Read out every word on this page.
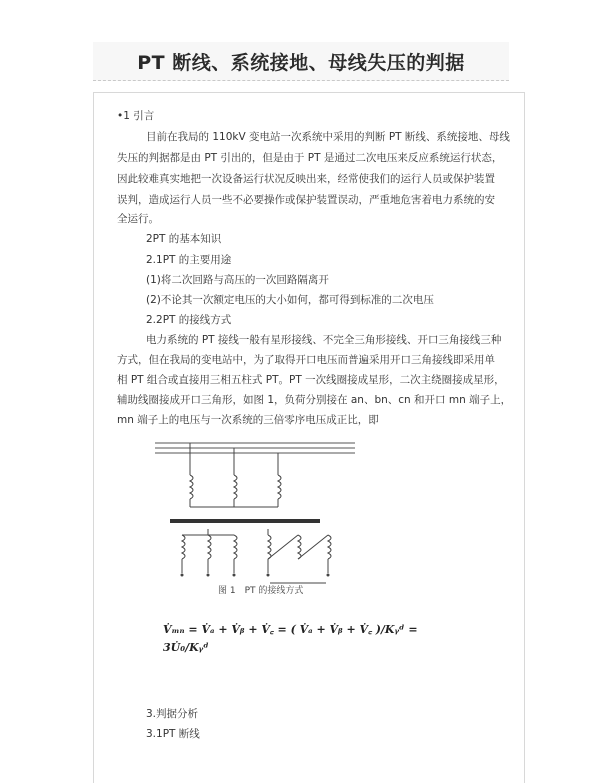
PT 断线、系统接地、母线失压的判据
•1 引言
目前在我局的 110kV 变电站一次系统中采用的判断 PT 断线、系统接地、母线
失压的判据都是由 PT 引出的，但是由于 PT 是通过二次电压来反应系统运行状态，
因此较难真实地把一次设备运行状况反映出来，经常使我们的运行人员或保护装置
误判，造成运行人员一些不必要操作或保护装置误动，严重地危害着电力系统的安
全运行。
2PT 的基本知识
2.1PT 的主要用途
(1)将二次回路与高压的一次回路隔离开
(2)不论其一次额定电压的大小如何，都可得到标准的二次电压
2.2PT 的接线方式
电力系统的 PT 接线一般有星形接线、不完全三角形接线、开口三角接线三种
方式，但在我局的变电站中，为了取得开口电压而普遍采用开口三角接线即采用单
相 PT 组合或直接用三相五柱式 PT。PT 一次线圈接成星形，二次主绕圈接成星形，
辅助线圈接成开口三角形，如图 1，负荷分别接在 an、bn、cn 和开口 mn 端子上，
mn 端子上的电压与一次系统的三倍零序电压成正比，即
图 1　PT 的接线方式
V̇ₘₙ = V̇ₐ + V̇ᵦ + V̇꜀ = ( V̇ₐ + V̇ᵦ + V̇꜀ )/Kᵧᵈ =
3U̇₀/Kᵧᵈ
3.判据分析
3.1PT 断线
